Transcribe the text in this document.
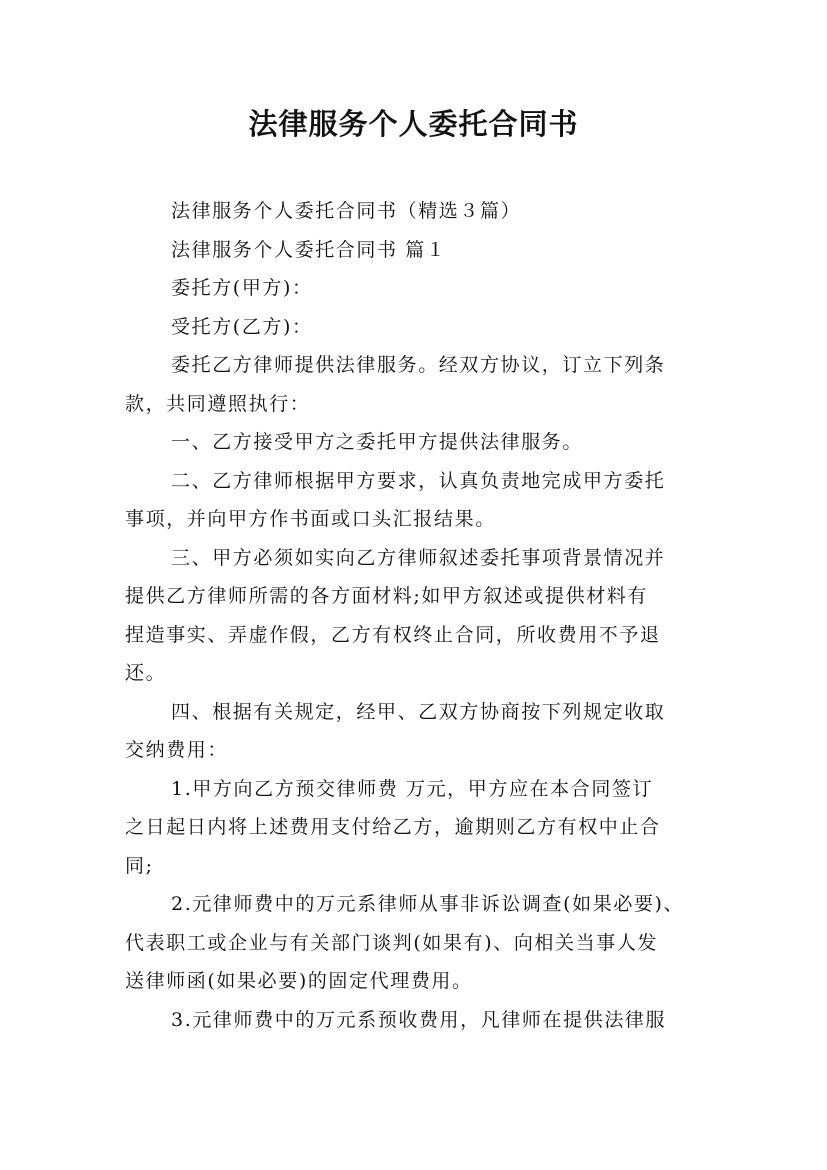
法律服务个人委托合同书
法律服务个人委托合同书（精选３篇）
法律服务个人委托合同书 篇１
委托方(甲方)：
受托方(乙方)：
委托乙方律师提供法律服务。经双方协议，订立下列条
款，共同遵照执行：
一、乙方接受甲方之委托甲方提供法律服务。
二、乙方律师根据甲方要求，认真负责地完成甲方委托
事项，并向甲方作书面或口头汇报结果。
三、甲方必须如实向乙方律师叙述委托事项背景情况并
提供乙方律师所需的各方面材料;如甲方叙述或提供材料有
捏造事实、弄虚作假，乙方有权终止合同，所收费用不予退
还。
四、根据有关规定，经甲、乙双方协商按下列规定收取
交纳费用：
1.甲方向乙方预交律师费 万元，甲方应在本合同签订
之日起日内将上述费用支付给乙方，逾期则乙方有权中止合
同;
2.元律师费中的万元系律师从事非诉讼调查(如果必要)、
代表职工或企业与有关部门谈判(如果有)、向相关当事人发
送律师函(如果必要)的固定代理费用。
3.元律师费中的万元系预收费用，凡律师在提供法律服
